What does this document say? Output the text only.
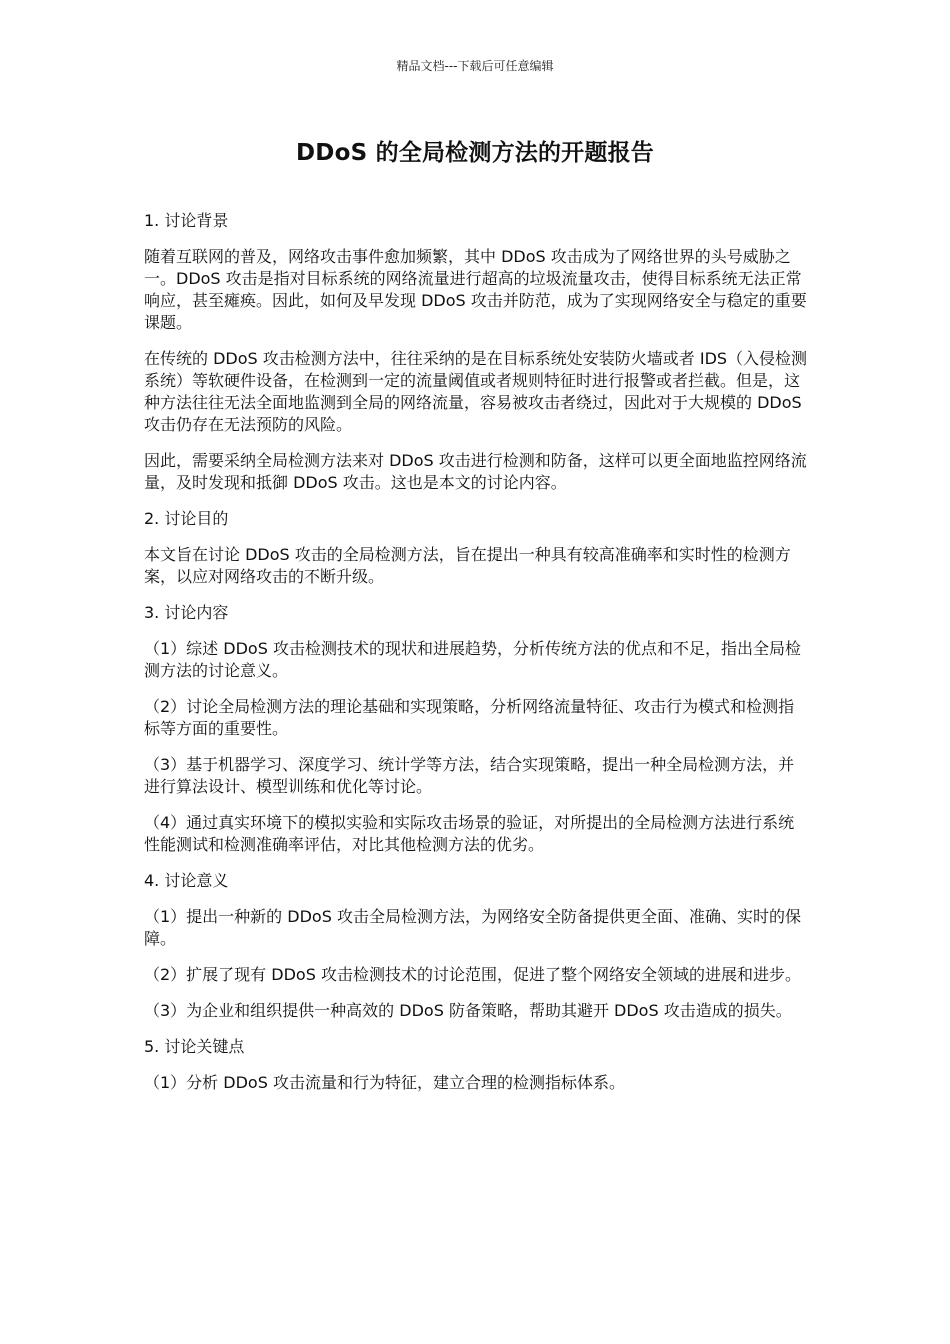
精品文档---下载后可任意编辑
DDoS 的全局检测方法的开题报告

1. 讨论背景

随着互联网的普及，网络攻击事件愈加频繁，其中 DDoS 攻击成为了网络世界的头号威胁之一。DDoS 攻击是指对目标系统的网络流量进行超高的垃圾流量攻击，使得目标系统无法正常响应，甚至瘫痪。因此，如何及早发现 DDoS 攻击并防范，成为了实现网络安全与稳定的重要课题。

在传统的 DDoS 攻击检测方法中，往往采纳的是在目标系统处安装防火墙或者 IDS（入侵检测系统）等软硬件设备，在检测到一定的流量阈值或者规则特征时进行报警或者拦截。但是，这种方法往往无法全面地监测到全局的网络流量，容易被攻击者绕过，因此对于大规模的 DDoS 攻击仍存在无法预防的风险。

因此，需要采纳全局检测方法来对 DDoS 攻击进行检测和防备，这样可以更全面地监控网络流量，及时发现和抵御 DDoS 攻击。这也是本文的讨论内容。

2. 讨论目的

本文旨在讨论 DDoS 攻击的全局检测方法，旨在提出一种具有较高准确率和实时性的检测方案，以应对网络攻击的不断升级。

3. 讨论内容

（1）综述 DDoS 攻击检测技术的现状和进展趋势，分析传统方法的优点和不足，指出全局检测方法的讨论意义。

（2）讨论全局检测方法的理论基础和实现策略，分析网络流量特征、攻击行为模式和检测指标等方面的重要性。

（3）基于机器学习、深度学习、统计学等方法，结合实现策略，提出一种全局检测方法，并进行算法设计、模型训练和优化等讨论。

（4）通过真实环境下的模拟实验和实际攻击场景的验证，对所提出的全局检测方法进行系统性能测试和检测准确率评估，对比其他检测方法的优劣。

4. 讨论意义

（1）提出一种新的 DDoS 攻击全局检测方法，为网络安全防备提供更全面、准确、实时的保障。

（2）扩展了现有 DDoS 攻击检测技术的讨论范围，促进了整个网络安全领域的进展和进步。

（3）为企业和组织提供一种高效的 DDoS 防备策略，帮助其避开 DDoS 攻击造成的损失。

5. 讨论关键点

（1）分析 DDoS 攻击流量和行为特征，建立合理的检测指标体系。
